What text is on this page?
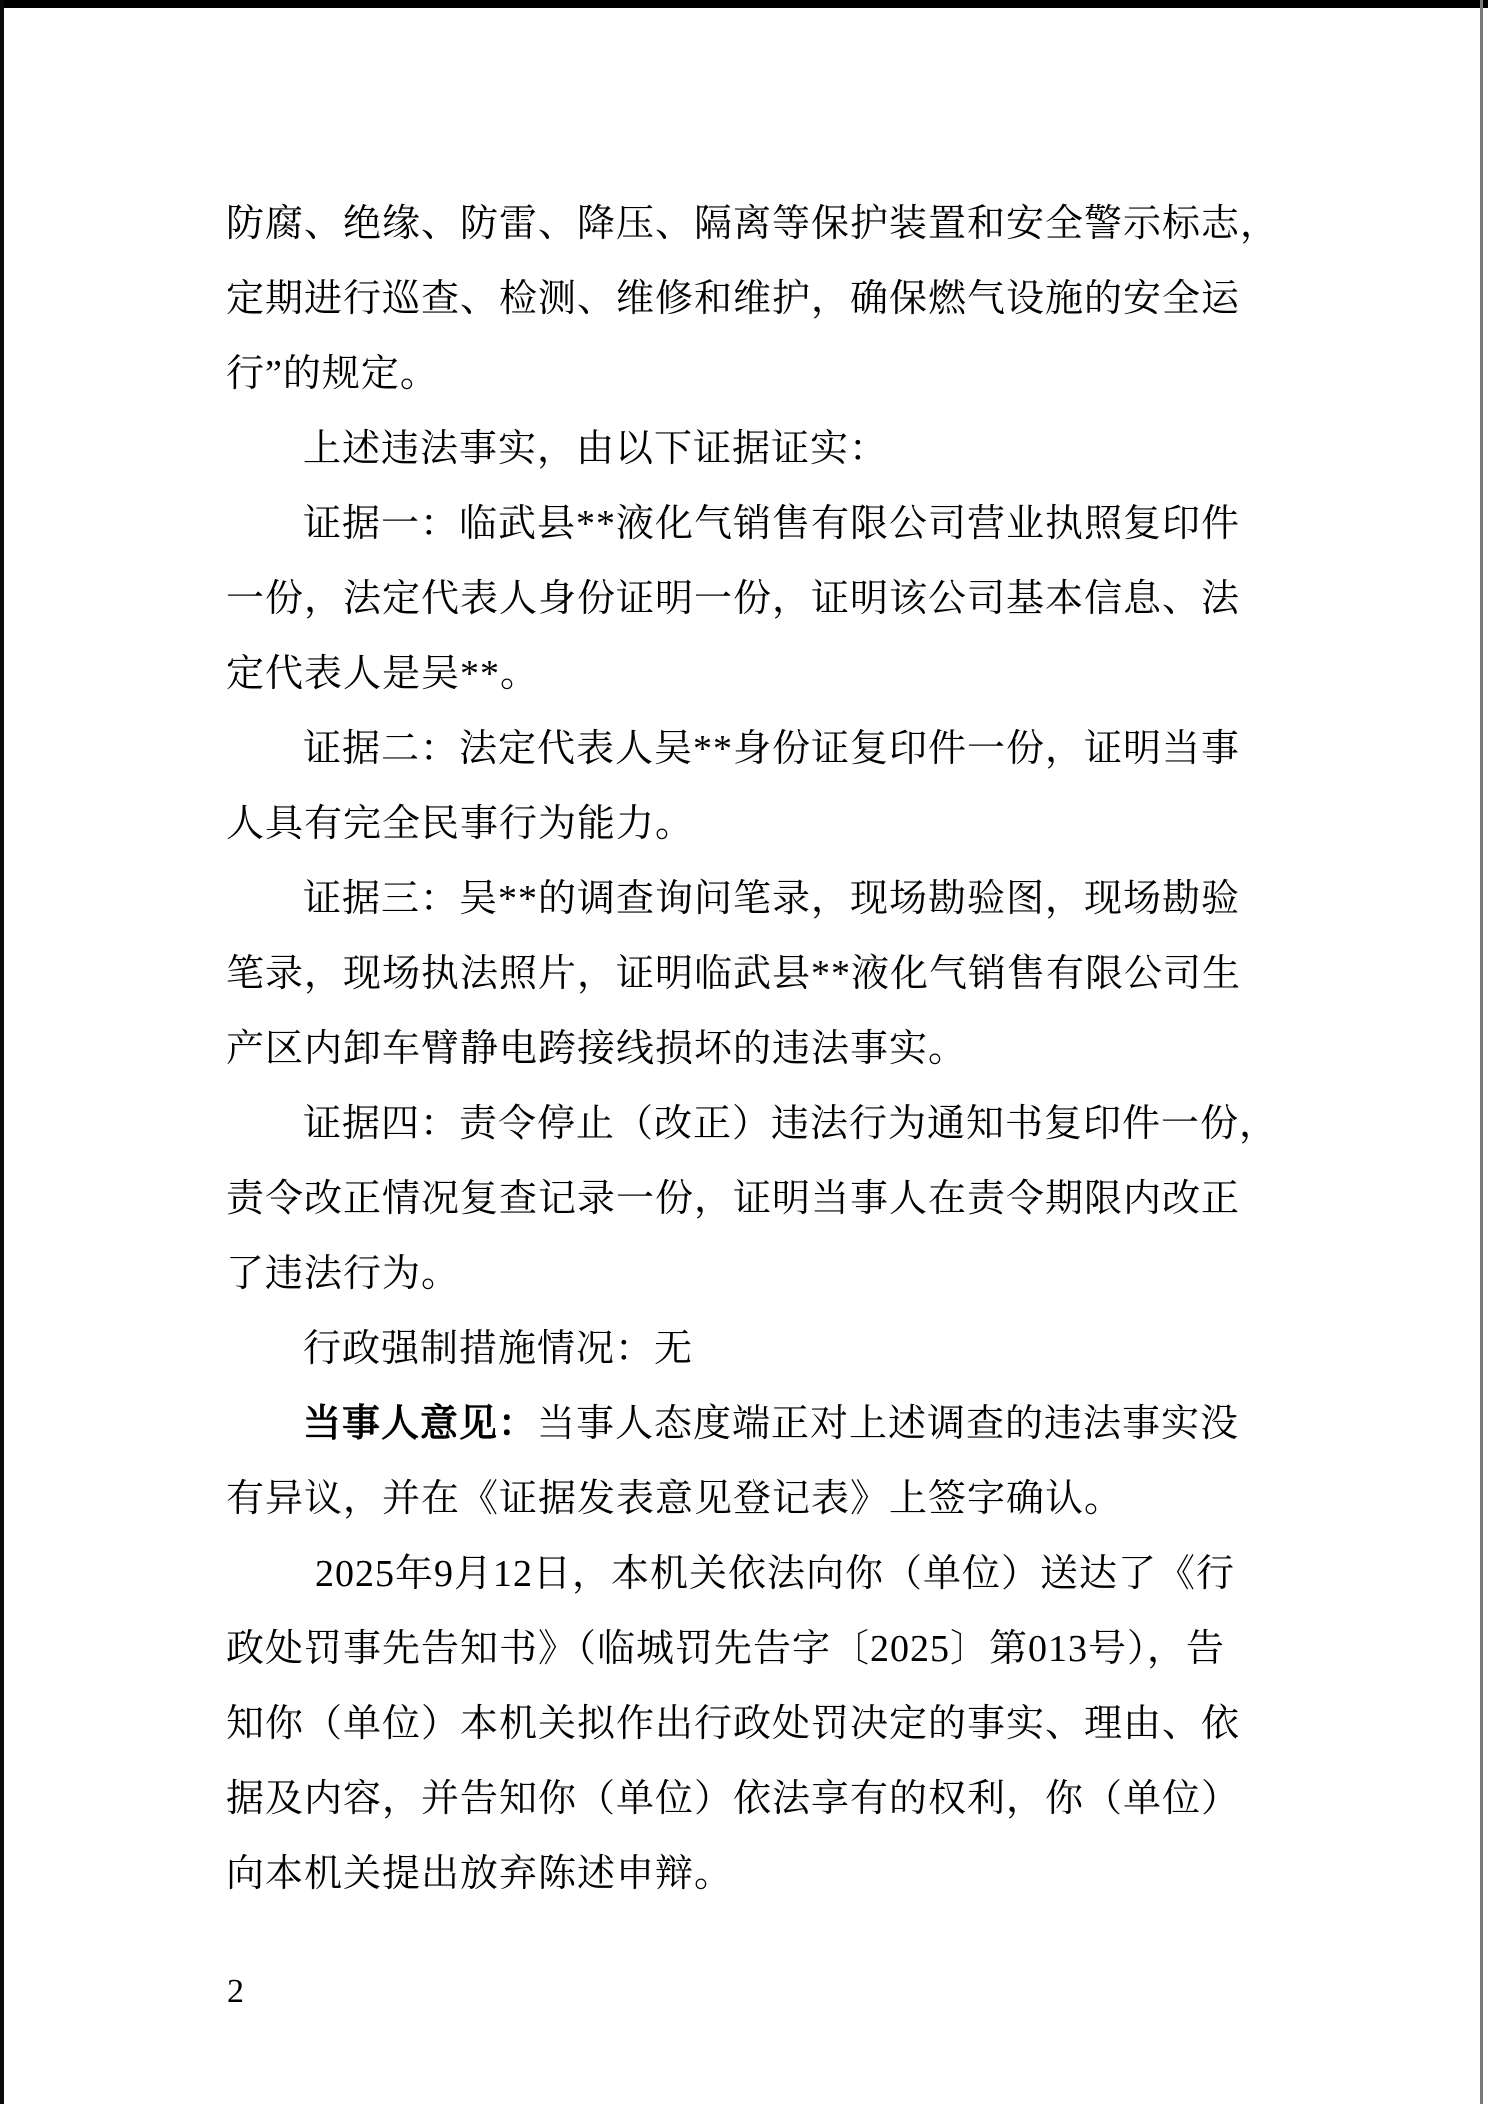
防腐、绝缘、防雷、降压、隔离等保护装置和安全警示标志，
定期进行巡查、检测、维修和维护，确保燃气设施的安全运
行”的规定。
上述违法事实，由以下证据证实：
证据一：临武县**液化气销售有限公司营业执照复印件
一份，法定代表人身份证明一份，证明该公司基本信息、法
定代表人是吴**。
证据二：法定代表人吴**身份证复印件一份，证明当事
人具有完全民事行为能力。
证据三：吴**的调查询问笔录，现场勘验图，现场勘验
笔录，现场执法照片，证明临武县**液化气销售有限公司生
产区内卸车臂静电跨接线损坏的违法事实。
证据四：责令停止（改正）违法行为通知书复印件一份，
责令改正情况复查记录一份，证明当事人在责令期限内改正
了违法行为。
行政强制措施情况：无
当事人意见：当事人态度端正对上述调查的违法事实没
有异议，并在《证据发表意见登记表》上签字确认。
2025年9月12日，本机关依法向你（单位）送达了《行
政处罚事先告知书》（临城罚先告字〔2025〕第013号），告
知你（单位）本机关拟作出行政处罚决定的事实、理由、依
据及内容，并告知你（单位）依法享有的权利，你（单位）
向本机关提出放弃陈述申辩。
2
